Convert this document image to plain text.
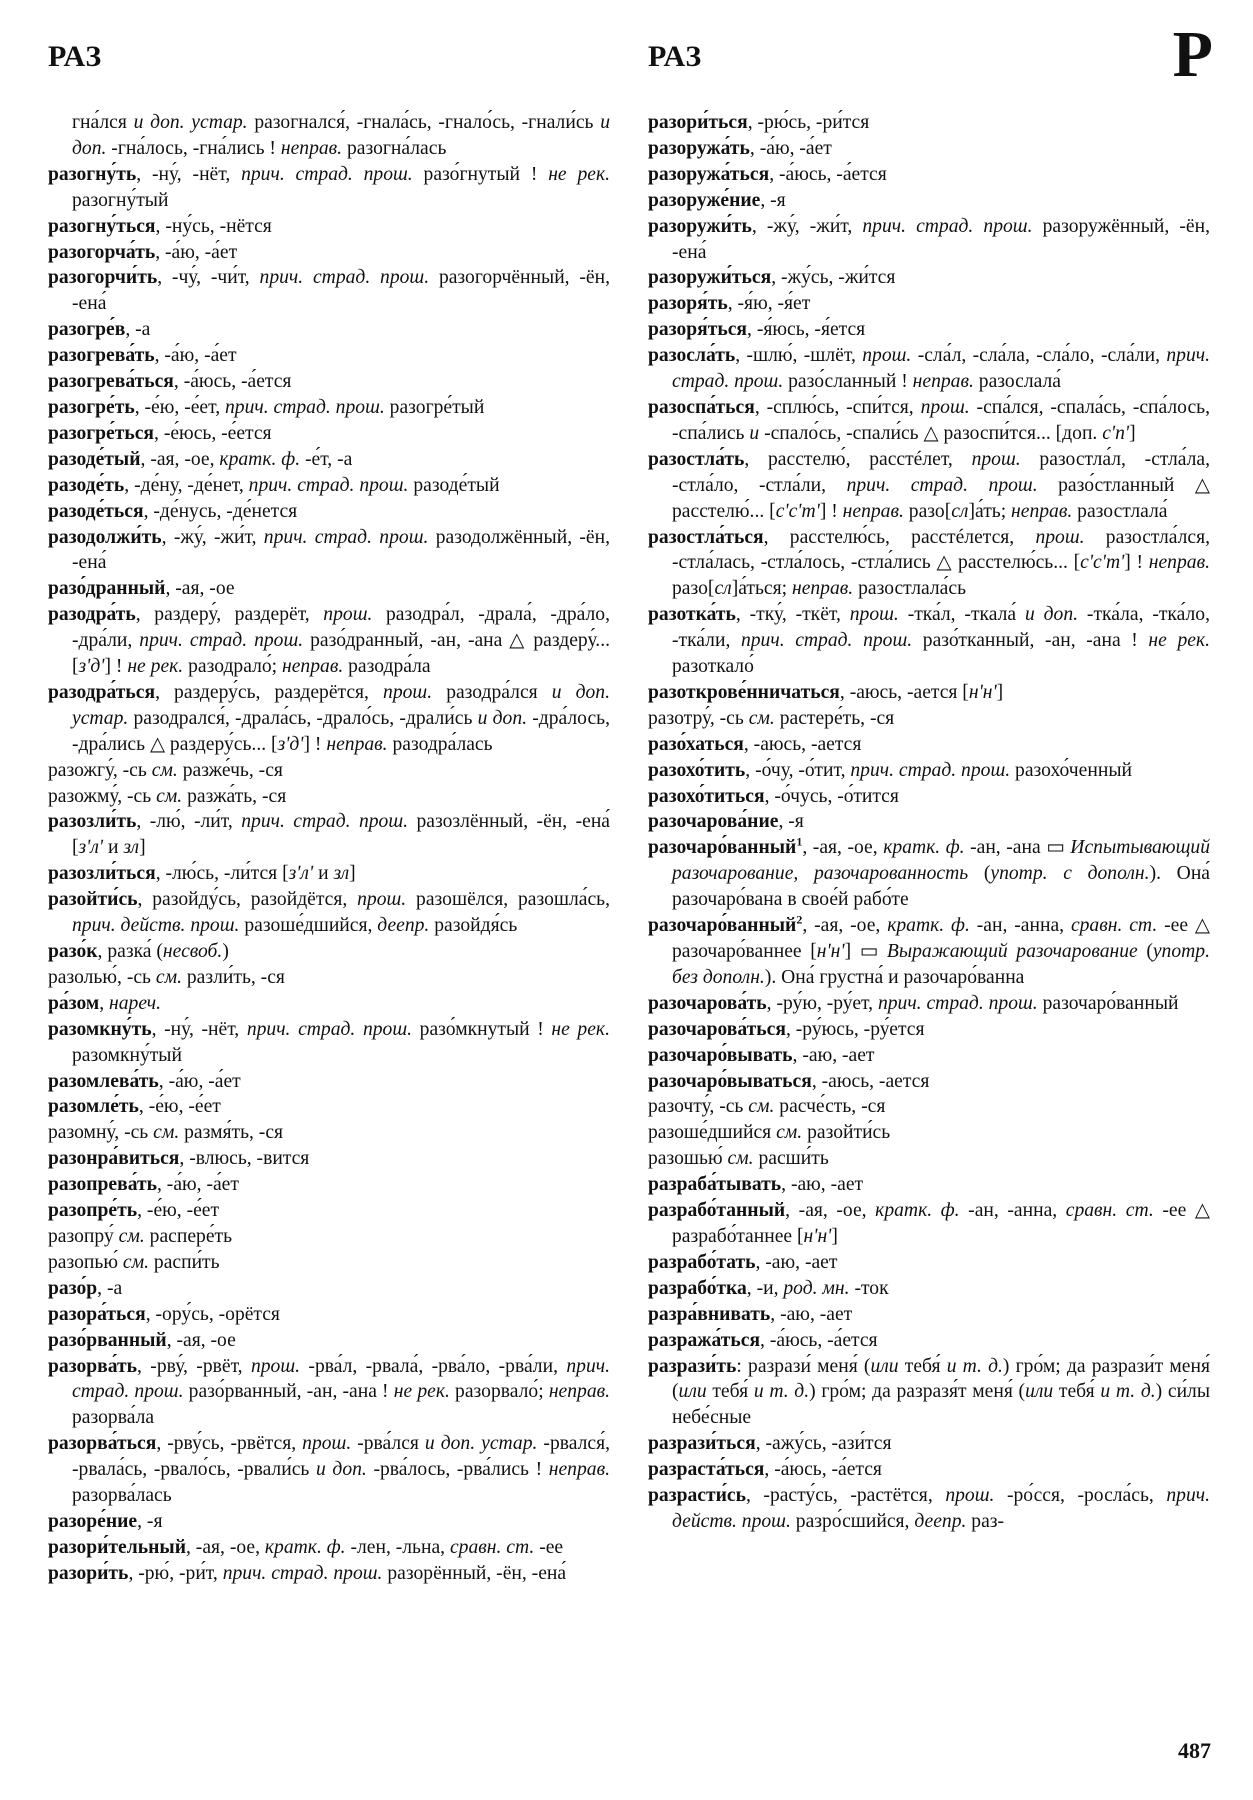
РАЗ	РАЗ	Р

гна́лся и доп. устар. разогнался́, -гнала́сь, -гнало́сь, -гнали́сь и доп. -гна́лось, -гна́лись ! неправ. разогна́лась

разогну́ть, -ну́, -нёт, прич. страд. прош. разо́гнутый ! не рек. разогну́тый

разогну́ться, -ну́сь, -нётся

разогорча́ть, -а́ю, -а́ет

разогорчи́ть, -чу́, -чи́т, прич. страд. прош. разогорчённый, -ён, -ена́

разогре́в, -а

разогрева́ть, -а́ю, -а́ет

разогрева́ться, -а́юсь, -а́ется

разогре́ть, -е́ю, -е́ет, прич. страд. прош. разогре́тый

разогре́ться, -е́юсь, -е́ется

разоде́тый, -ая, -ое, кратк. ф. -е́т, -а

разоде́ть, -де́ну, -де́нет, прич. страд. прош. разоде́тый

разоде́ться, -де́нусь, -де́нется

разодолжи́ть, -жу́, -жи́т, прич. страд. прош. разодолжённый, -ён, -ена́

разо́дранный, -ая, -ое

разодра́ть, раздеру́, раздерёт, прош. разодра́л, -драла́, -дра́ло, -дра́ли, прич. страд. прош. разо́дранный, -ан, -ана △ раздеру́... [зʹдʹ] ! не рек. разодрало́; неправ. разодра́ла

разодра́ться, раздеру́сь, раздерётся, прош. разодра́лся и доп. устар. разодрался́, -драла́сь, -драло́сь, -драли́сь и доп. -дра́лось, -дра́лись △ раздеру́сь... [зʹдʹ] ! неправ. разодра́лась

разожгу́, -сь см. разже́чь, -ся

разожму́, -сь см. разжа́ть, -ся

разозли́ть, -лю́, -ли́т, прич. страд. прош. разозлённый, -ён, -ена́ [зʹлʹ и зл]

разозли́ться, -лю́сь, -ли́тся [зʹлʹ и зл]

разойти́сь, разойду́сь, разойдётся, прош. разошёлся, разошла́сь, прич. действ. прош. разоше́дшийся, деепр. разойдя́сь

разо́к, разка́ (несвоб.)

разолью́, -сь см. разли́ть, -ся

ра́зом, нареч.

разомкну́ть, -ну́, -нёт, прич. страд. прош. разо́мкнутый ! не рек. разомкну́тый

разомлева́ть, -а́ю, -а́ет

разомле́ть, -е́ю, -е́ет

разомну́, -сь см. размя́ть, -ся

разонра́виться, -влюсь, -вится

разопрева́ть, -а́ю, -а́ет

разопре́ть, -е́ю, -е́ет

разопру́ см. распере́ть

разопью́ см. распи́ть

разо́р, -а

разора́ться, -ору́сь, -орётся

разо́рванный, -ая, -ое

разорва́ть, -рву́, -рвёт, прош. -рва́л, -рвала́, -рва́ло, -рва́ли, прич. страд. прош. разо́рванный, -ан, -ана ! не рек. разорвало́; неправ. разорва́ла

разорва́ться, -рву́сь, -рвётся, прош. -рва́лся и доп. устар. -рвался́, -рвала́сь, -рвало́сь, -рвали́сь и доп. -рва́лось, -рва́лись ! неправ. разорва́лась

разоре́ние, -я

разори́тельный, -ая, -ое, кратк. ф. -лен, -льна, сравн. ст. -ее

разори́ть, -рю́, -ри́т, прич. страд. прош. разорённый, -ён, -ена́

разори́ться, -рю́сь, -ри́тся

разоружа́ть, -а́ю, -а́ет

разоружа́ться, -а́юсь, -а́ется

разоруже́ние, -я

разоружи́ть, -жу́, -жи́т, прич. страд. прош. разоружённый, -ён, -ена́

разоружи́ться, -жу́сь, -жи́тся

разоря́ть, -я́ю, -я́ет

разоря́ться, -я́юсь, -я́ется

разосла́ть, -шлю́, -шлёт, прош. -сла́л, -сла́ла, -сла́ло, -сла́ли, прич. страд. прош. разо́сланный ! неправ. разослала́

разоспа́ться, -сплю́сь, -спи́тся, прош. -спа́лся, -спала́сь, -спа́лось, -спа́лись и -спало́сь, -спали́сь △ разоспи́тся... [доп. сʹпʹ]

разостла́ть, расстелю́, расстéлет, прош. разостла́л, -стла́ла, -стла́ло, -стла́ли, прич. страд. прош. разо́стланный △ расстелю́... [сʹсʹтʹ] ! неправ. разо[сл]а́ть; неправ. разостлала́

разостла́ться, расстелю́сь, расстéлется, прош. разостла́лся, -стла́лась, -стла́лось, -стла́лись △ расстелю́сь... [сʹсʹтʹ] ! неправ. разо[сл]а́ться; неправ. разостлала́сь

разотка́ть, -тку́, -ткёт, прош. -тка́л, -ткала́ и доп. -тка́ла, -тка́ло, -тка́ли, прич. страд. прош. разо́тканный, -ан, -ана ! не рек. разоткало́

разоткрове́нничаться, -аюсь, -ается [нʹнʹ]

разотру́, -сь см. растере́ть, -ся

разо́хаться, -аюсь, -ается

разохо́тить, -о́чу, -о́тит, прич. страд. прош. разохо́ченный

разохо́титься, -о́чусь, -о́тится

разочарова́ние, -я

разочаро́ванный$^1$, -ая, -ое, кратк. ф. -ан, -ана ▭ Испытывающий разочарование, разочарованность (употр. с дополн.). Она́ разочаро́вана в свое́й рабо́те

разочаро́ванный$^2$, -ая, -ое, кратк. ф. -ан, -анна, сравн. ст. -ее △ разочаро́ваннее [нʹнʹ] ▭ Выражающий разочарование (употр. без дополн.). Она́ грустна́ и разочаро́ванна

разочарова́ть, -ру́ю, -ру́ет, прич. страд. прош. разочаро́ванный

разочарова́ться, -ру́юсь, -ру́ется

разочаро́вывать, -аю, -ает

разочаро́вываться, -аюсь, -ается

разочту́, -сь см. расче́сть, -ся

разоше́дшийся см. разойти́сь

разошью́ см. расши́ть

разраба́тывать, -аю, -ает

разрабо́танный, -ая, -ое, кратк. ф. -ан, -анна, сравн. ст. -ее △ разрабо́таннее [нʹнʹ]

разрабо́тать, -аю, -ает

разрабо́тка, -и, род. мн. -ток

разра́внивать, -аю, -ает

разража́ться, -а́юсь, -а́ется

разрази́ть: разрази́ меня́ (или тебя́ и т. д.) гро́м; да разрази́т меня́ (или тебя́ и т. д.) гро́м; да разразя́т меня́ (или тебя́ и т. д.) си́лы небе́сные

разрази́ться, -ажу́сь, -ази́тся

разраста́ться, -а́юсь, -а́ется

разрасти́сь, -расту́сь, -растётся, прош. -ро́сся, -росла́сь, прич. действ. прош. разро́сшийся, деепр. раз-

487
